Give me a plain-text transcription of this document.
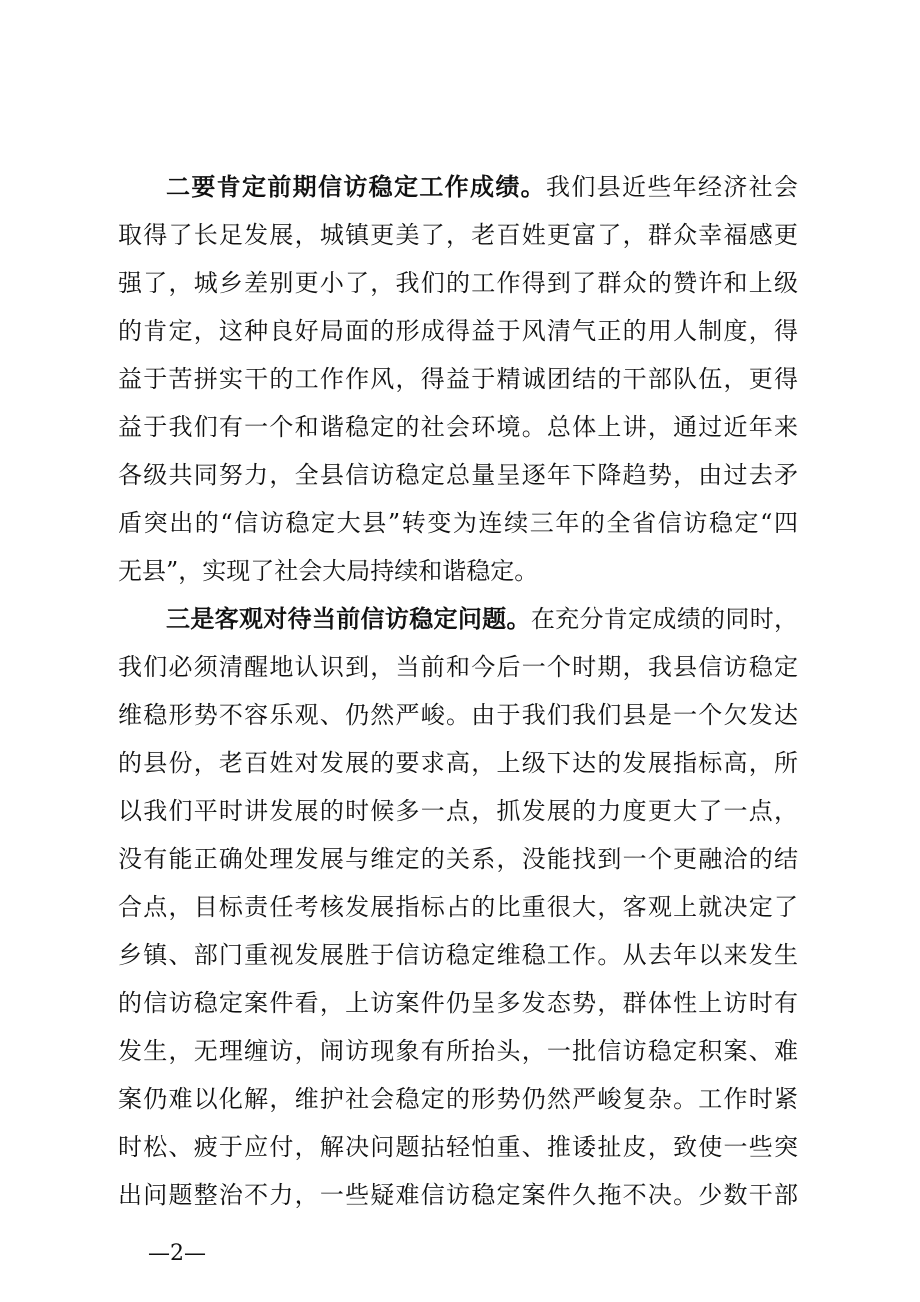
二要肯定前期信访稳定工作成绩。我们县近些年经济社会
取得了长足发展，城镇更美了，老百姓更富了，群众幸福感更
强了，城乡差别更小了，我们的工作得到了群众的赞许和上级
的肯定，这种良好局面的形成得益于风清气正的用人制度，得
益于苦拼实干的工作作风，得益于精诚团结的干部队伍，更得
益于我们有一个和谐稳定的社会环境。总体上讲，通过近年来
各级共同努力，全县信访稳定总量呈逐年下降趋势，由过去矛
盾突出的“信访稳定大县”转变为连续三年的全省信访稳定“四
无县”，实现了社会大局持续和谐稳定。
三是客观对待当前信访稳定问题。在充分肯定成绩的同时，
我们必须清醒地认识到，当前和今后一个时期，我县信访稳定
维稳形势不容乐观、仍然严峻。由于我们我们县是一个欠发达
的县份，老百姓对发展的要求高，上级下达的发展指标高，所
以我们平时讲发展的时候多一点，抓发展的力度更大了一点，
没有能正确处理发展与维定的关系，没能找到一个更融洽的结
合点，目标责任考核发展指标占的比重很大，客观上就决定了
乡镇、部门重视发展胜于信访稳定维稳工作。从去年以来发生
的信访稳定案件看，上访案件仍呈多发态势，群体性上访时有
发生，无理缠访，闹访现象有所抬头，一批信访稳定积案、难
案仍难以化解，维护社会稳定的形势仍然严峻复杂。工作时紧
时松、疲于应付，解决问题拈轻怕重、推诿扯皮，致使一些突
出问题整治不力，一些疑难信访稳定案件久拖不决。少数干部
—2—
